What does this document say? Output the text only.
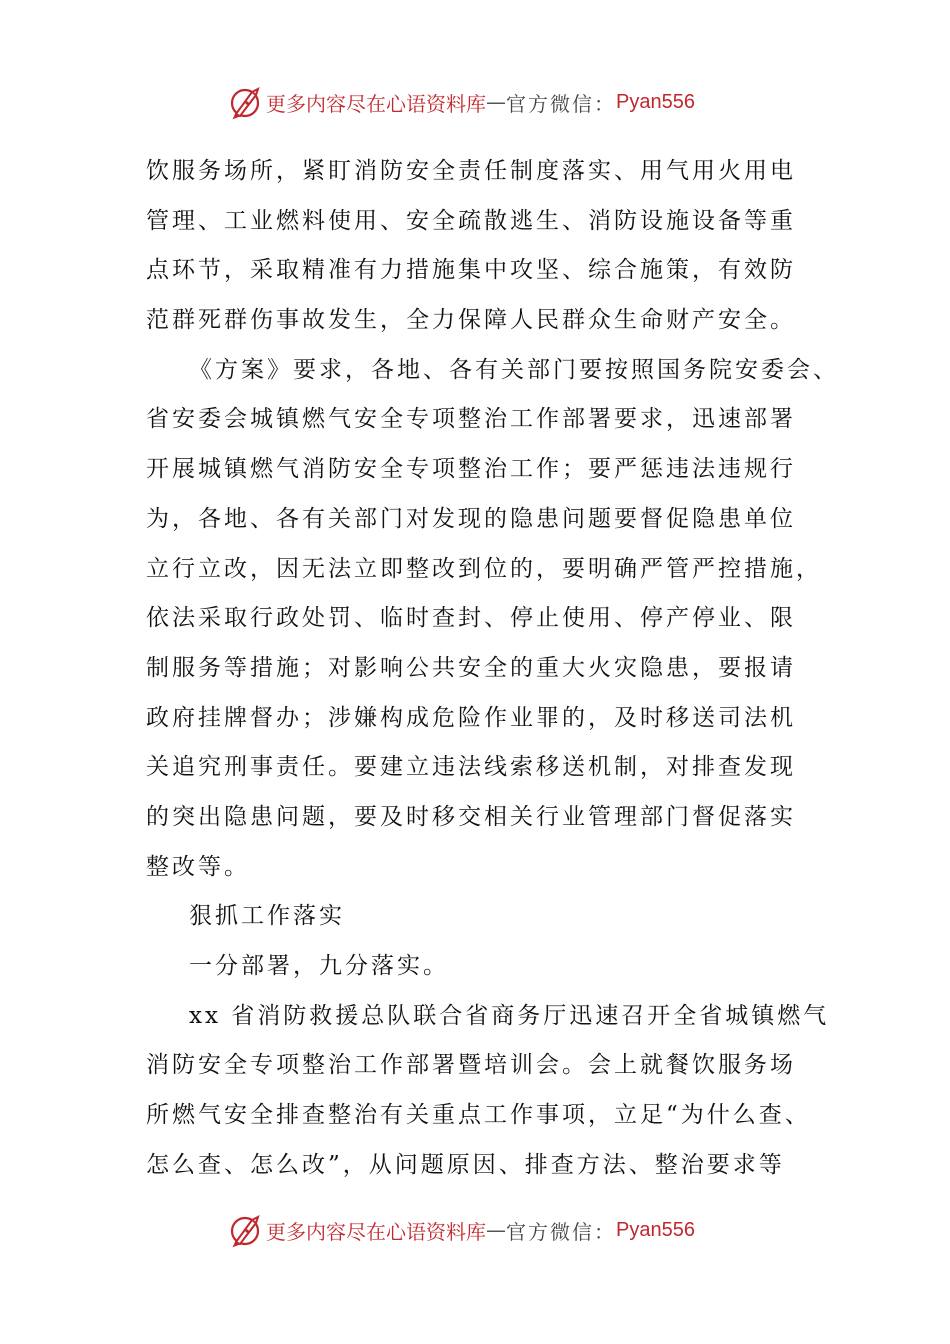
更多内容尽在心语资料库 — 官方微信： Pyan556
饮服务场所，紧盯消防安全责任制度落实、用气用火用电
管理、工业燃料使用、安全疏散逃生、消防设施设备等重
点环节，采取精准有力措施集中攻坚、综合施策，有效防
范群死群伤事故发生，全力保障人民群众生命财产安全。
《方案》要求，各地、各有关部门要按照国务院安委会、
省安委会城镇燃气安全专项整治工作部署要求，迅速部署
开展城镇燃气消防安全专项整治工作；要严惩违法违规行
为，各地、各有关部门对发现的隐患问题要督促隐患单位
立行立改，因无法立即整改到位的，要明确严管严控措施，
依法采取行政处罚、临时查封、停止使用、停产停业、限
制服务等措施；对影响公共安全的重大火灾隐患，要报请
政府挂牌督办；涉嫌构成危险作业罪的，及时移送司法机
关追究刑事责任。要建立违法线索移送机制，对排查发现
的突出隐患问题，要及时移交相关行业管理部门督促落实
整改等。
狠抓工作落实
一分部署，九分落实。
xx 省消防救援总队联合省商务厅迅速召开全省城镇燃气
消防安全专项整治工作部署暨培训会。会上就餐饮服务场
所燃气安全排查整治有关重点工作事项，立足“为什么查、
怎么查、怎么改”，从问题原因、排查方法、整治要求等
更多内容尽在心语资料库 — 官方微信： Pyan556
